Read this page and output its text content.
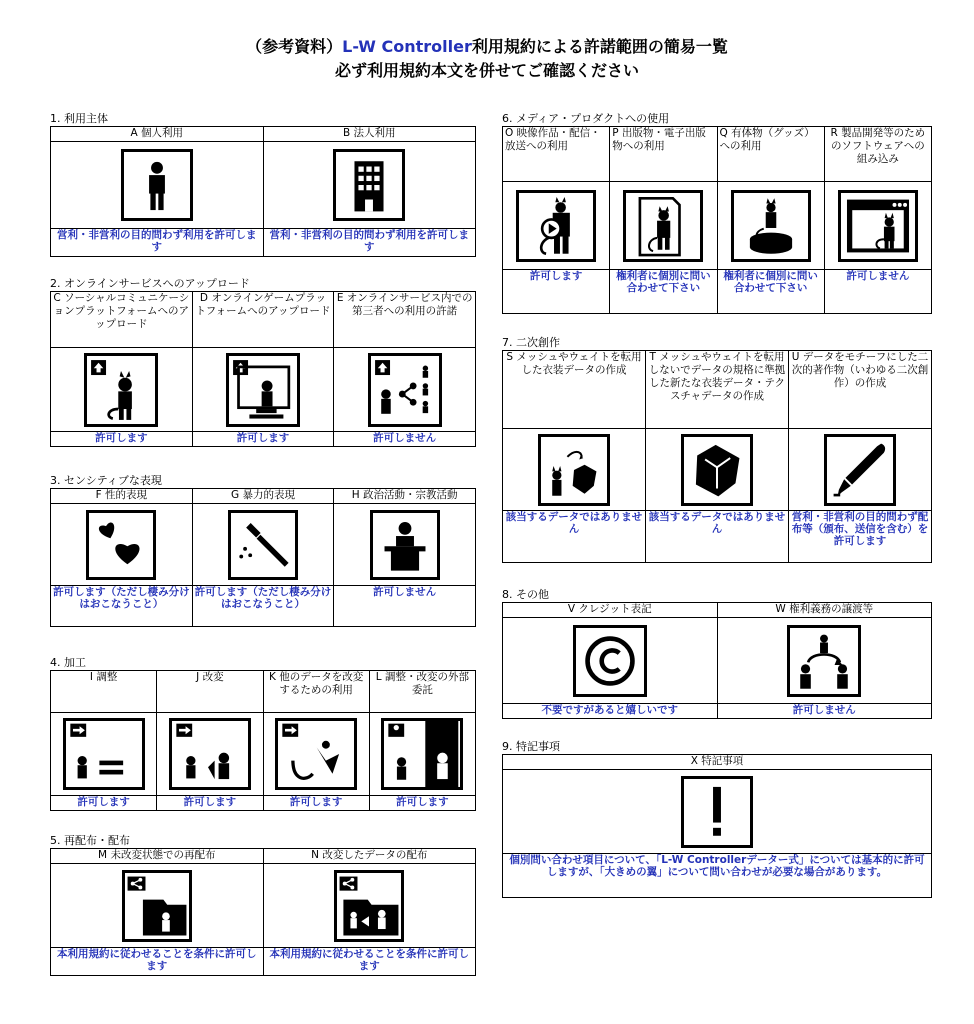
（参考資料）L-W Controller利用規約による許諾範囲の簡易一覧
必ず利用規約本文を併せてご確認ください
1. 利用主体
A 個人利用	B 法人利用

営利・非営利の目的問わず利用を許可します	営利・非営利の目的問わず利用を許可します
2. オンラインサービスへのアップロード
C ソーシャルコミュニケーションプラットフォームへのアップロード	D オンラインゲームプラットフォームへのアップロード	E オンラインサービス内での第三者への利用の許諾

許可します	許可します	許可しません
3. センシティブな表現
F 性的表現	G 暴力的表現	H 政治活動・宗教活動

許可します（ただし棲み分けはおこなうこと）	許可します（ただし棲み分けはおこなうこと）	許可しません
4. 加工
I 調整	J 改変	K 他のデータを改変するための利用	L 調整・改変の外部委託

許可します	許可します	許可します	許可します
5. 再配布・配布
M 未改変状態での再配布	N 改変したデータの配布

本利用規約に従わせることを条件に許可します	本利用規約に従わせることを条件に許可します
6. メディア・プロダクトへの使用
O 映像作品・配信・放送への利用	P 出版物・電子出版物への利用	Q 有体物（グッズ）への利用	R 製品開発等のためのソフトウェアへの組み込み

許可します	権利者に個別に問い合わせて下さい	権利者に個別に問い合わせて下さい	許可しません
7. 二次創作
S メッシュやウェイトを転用した衣装データの作成	T メッシュやウェイトを転用しないでデータの規格に準拠した新たな衣装データ・テクスチャデータの作成	U データをモチーフにした二次的著作物（いわゆる二次創作）の作成

該当するデータではありません	該当するデータではありません	営利・非営利の目的問わず配布等（頒布、送信を含む）を許可します
8. その他
V クレジット表記	W 権利義務の譲渡等

不要ですがあると嬉しいです	許可しません
9. 特記事項
X 特記事項

個別問い合わせ項目について、「L-W Controllerデーター式」については基本的に許可しますが、「大きめの翼」について問い合わせが必要な場合があります。
